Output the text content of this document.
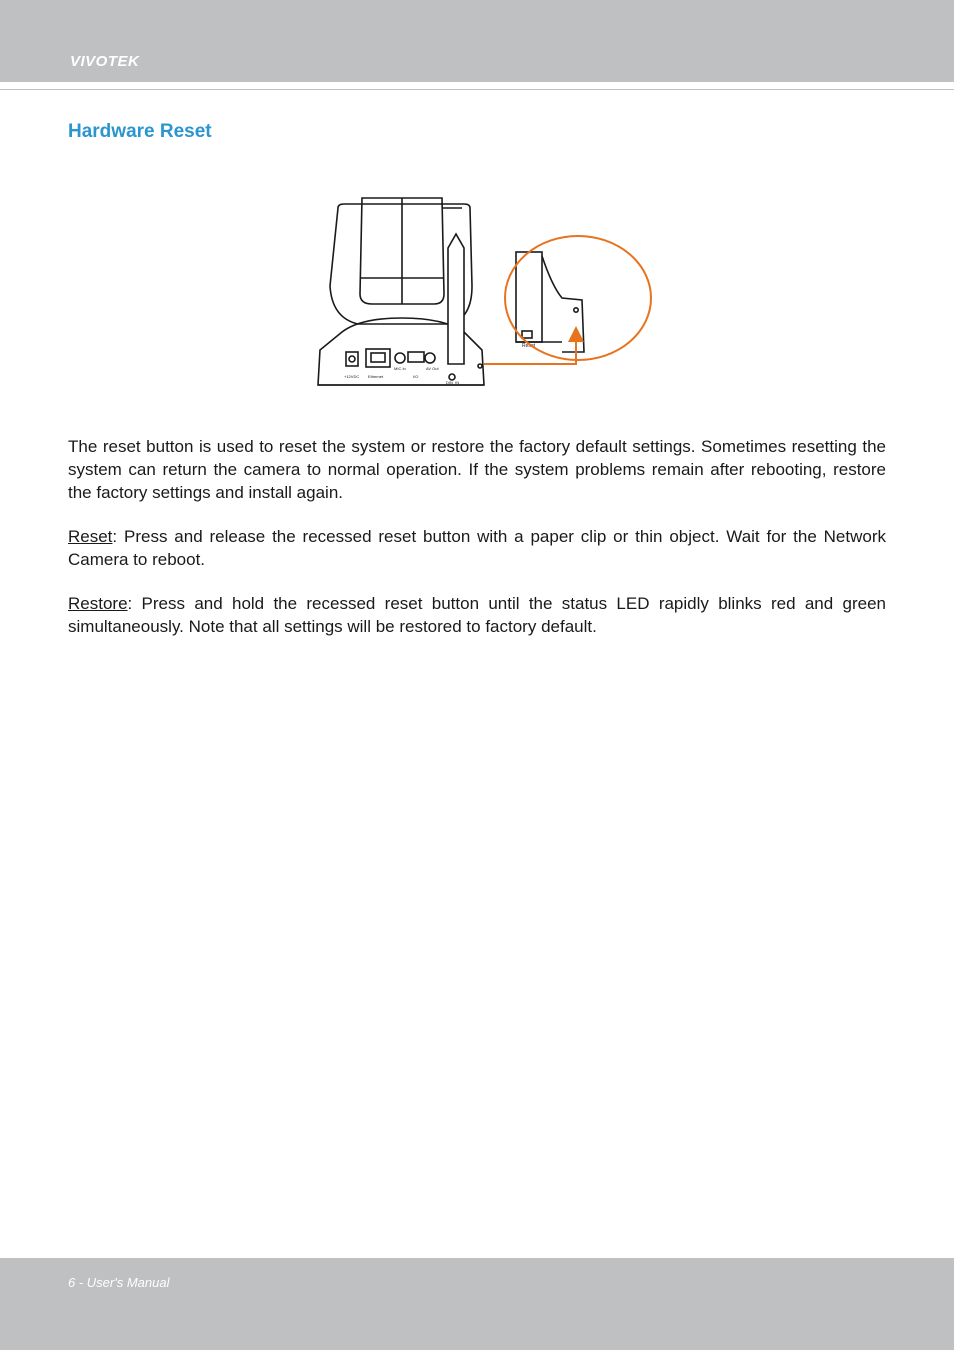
VIVOTEK
Hardware Reset
+12VDC Ethernet
MIC In
I/O
AV Out
DIN_IN
Reset

The reset button is used to reset the system or restore the factory default settings. Sometimes resetting the system can return the camera to normal operation. If the system problems remain after rebooting, restore the factory settings and install again.

Reset: Press and release the recessed reset button with a paper clip or thin object. Wait for the Network Camera to reboot.

Restore: Press and hold the recessed reset button until the status LED rapidly blinks red and green simultaneously. Note that all settings will be restored to factory default.

6 - User's Manual
